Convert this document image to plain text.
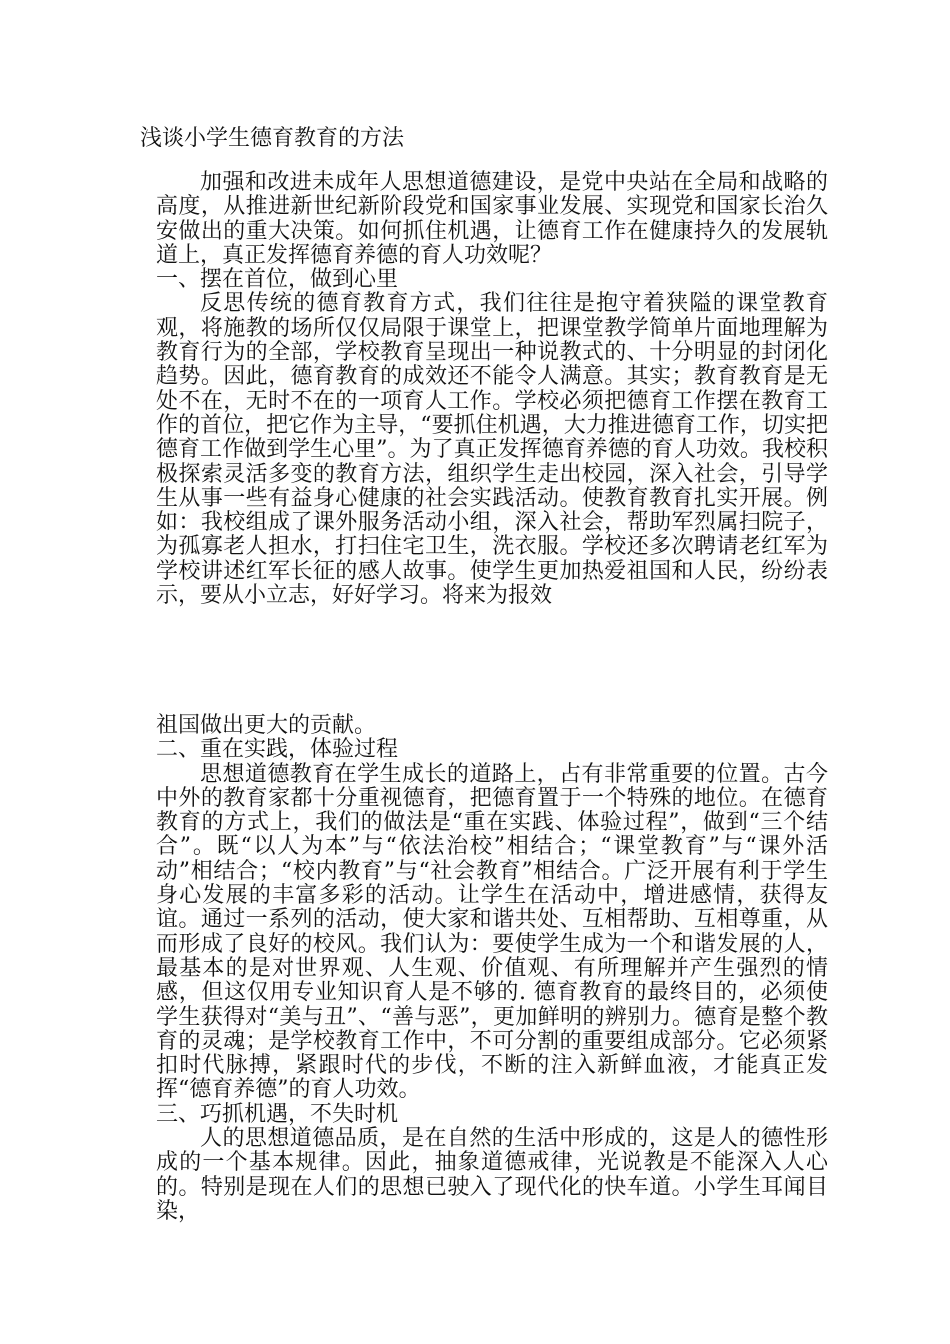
浅谈小学生德育教育的方法

加强和改进未成年人思想道德建设，是党中央站在全局和战略的高度，从推进新世纪新阶段党和国家事业发展、实现党和国家长治久安做出的重大决策。如何抓住机遇，让德育工作在健康持久的发展轨道上，真正发挥德育养德的育人功效呢？

一、摆在首位，做到心里

反思传统的德育教育方式，我们往往是抱守着狭隘的课堂教育观，将施教的场所仅仅局限于课堂上，把课堂教学简单片面地理解为教育行为的全部，学校教育呈现出一种说教式的、十分明显的封闭化趋势。因此，德育教育的成效还不能令人满意。其实；教育教育是无处不在，无时不在的一项育人工作。学校必须把德育工作摆在教育工作的首位，把它作为主导，“要抓住机遇，大力推进德育工作，切实把德育工作做到学生心里”。为了真正发挥德育养德的育人功效。我校积极探索灵活多变的教育方法，组织学生走出校园，深入社会，引导学生从事一些有益身心健康的社会实践活动。使教育教育扎实开展。例如：我校组成了课外服务活动小组，深入社会，帮助军烈属扫院子，为孤寡老人担水，打扫住宅卫生，洗衣服。学校还多次聘请老红军为学校讲述红军长征的感人故事。使学生更加热爱祖国和人民，纷纷表示，要从小立志，好好学习。将来为报效

祖国做出更大的贡献。

二、重在实践，体验过程

思想道德教育在学生成长的道路上，占有非常重要的位置。古今中外的教育家都十分重视德育，把德育置于一个特殊的地位。在德育教育的方式上，我们的做法是“重在实践、体验过程”，做到“三个结合”。既“以人为本”与“依法治校”相结合；“课堂教育”与“课外活动”相结合；“校内教育”与“社会教育”相结合。广泛开展有利于学生身心发展的丰富多彩的活动。让学生在活动中，增进感情，获得友谊。通过一系列的活动，使大家和谐共处、互相帮助、互相尊重，从而形成了良好的校风。我们认为：要使学生成为一个和谐发展的人，最基本的是对世界观、人生观、价值观、有所理解并产生强烈的情感，但这仅用专业知识育人是不够的. 德育教育的最终目的，必须使学生获得对“美与丑”、“善与恶”，更加鲜明的辨别力。德育是整个教育的灵魂；是学校教育工作中，不可分割的重要组成部分。它必须紧扣时代脉搏，紧跟时代的步伐，不断的注入新鲜血液，才能真正发挥“德育养德”的育人功效。

三、巧抓机遇，不失时机

人的思想道德品质，是在自然的生活中形成的，这是人的德性形成的一个基本规律。因此，抽象道德戒律，光说教是不能深入人心的。特别是现在人们的思想已驶入了现代化的快车道。小学生耳闻目染，
